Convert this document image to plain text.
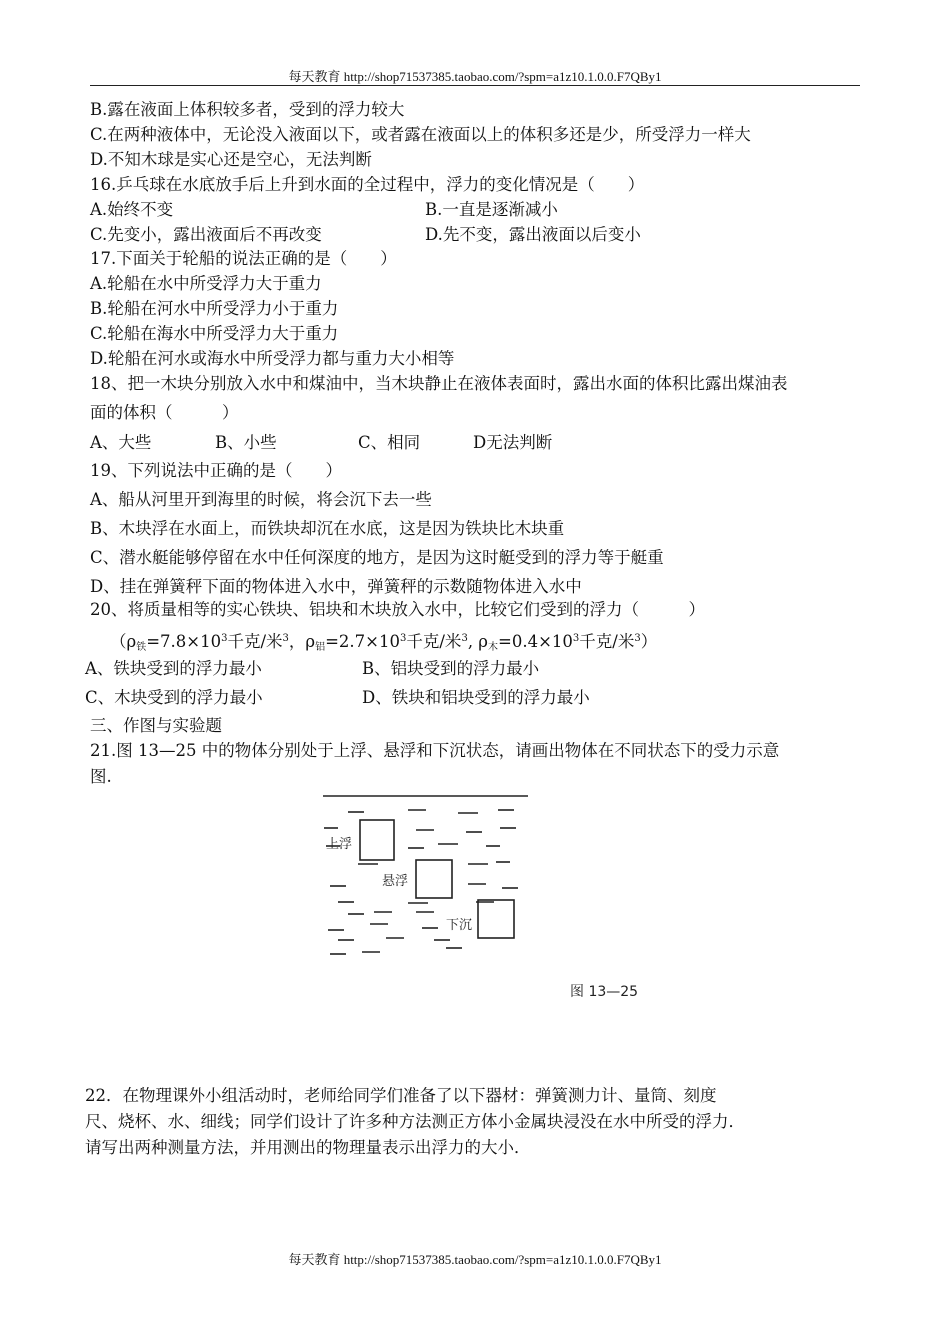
每天教育 http://shop71537385.taobao.com/?spm=a1z10.1.0.0.F7QBy1
B.露在液面上体积较多者，受到的浮力较大
C.在两种液体中，无论没入液面以下，或者露在液面以上的体积多还是少，所受浮力一样大
D.不知木球是实心还是空心，无法判断
16.乒乓球在水底放手后上升到水面的全过程中，浮力的变化情况是（　　）
A.始终不变	B.一直是逐渐减小
C.先变小，露出液面后不再改变	D.先不变，露出液面以后变小
17.下面关于轮船的说法正确的是（　　）
A.轮船在水中所受浮力大于重力
B.轮船在河水中所受浮力小于重力
C.轮船在海水中所受浮力大于重力
D.轮船在河水或海水中所受浮力都与重力大小相等
18、把一木块分别放入水中和煤油中，当木块静止在液体表面时，露出水面的体积比露出煤油表
面的体积（　　　）
A、大些	B、小些	C、相同	D无法判断
19、下列说法中正确的是（　　）
A、船从河里开到海里的时候，将会沉下去一些
B、木块浮在水面上，而铁块却沉在水底，这是因为铁块比木块重
C、潜水艇能够停留在水中任何深度的地方，是因为这时艇受到的浮力等于艇重
D、挂在弹簧秤下面的物体进入水中，弹簧秤的示数随物体进入水中
20、将质量相等的实心铁块、铝块和木块放入水中，比较它们受到的浮力（　　　）
（$\rho_铁=7.8\times 10^3$千克/米$^3$，$\rho_铝=2.7\times 10^3$千克/米$^3$, $\rho_木=0.4\times 10^3$千克/米$^3$）
A、铁块受到的浮力最小	B、铝块受到的浮力最小
C、木块受到的浮力最小	D、铁块和铝块受到的浮力最小
三、作图与实验题
21.图 13—25 中的物体分别处于上浮、悬浮和下沉状态，请画出物体在不同状态下的受力示意
图.
上浮
悬浮
下沉
图 13—25
22．在物理课外小组活动时，老师给同学们准备了以下器材：弹簧测力计、量筒、刻度
尺、烧杯、水、细线；同学们设计了许多种方法测正方体小金属块浸没在水中所受的浮力．
请写出两种测量方法，并用测出的物理量表示出浮力的大小．
每天教育 http://shop71537385.taobao.com/?spm=a1z10.1.0.0.F7QBy1
